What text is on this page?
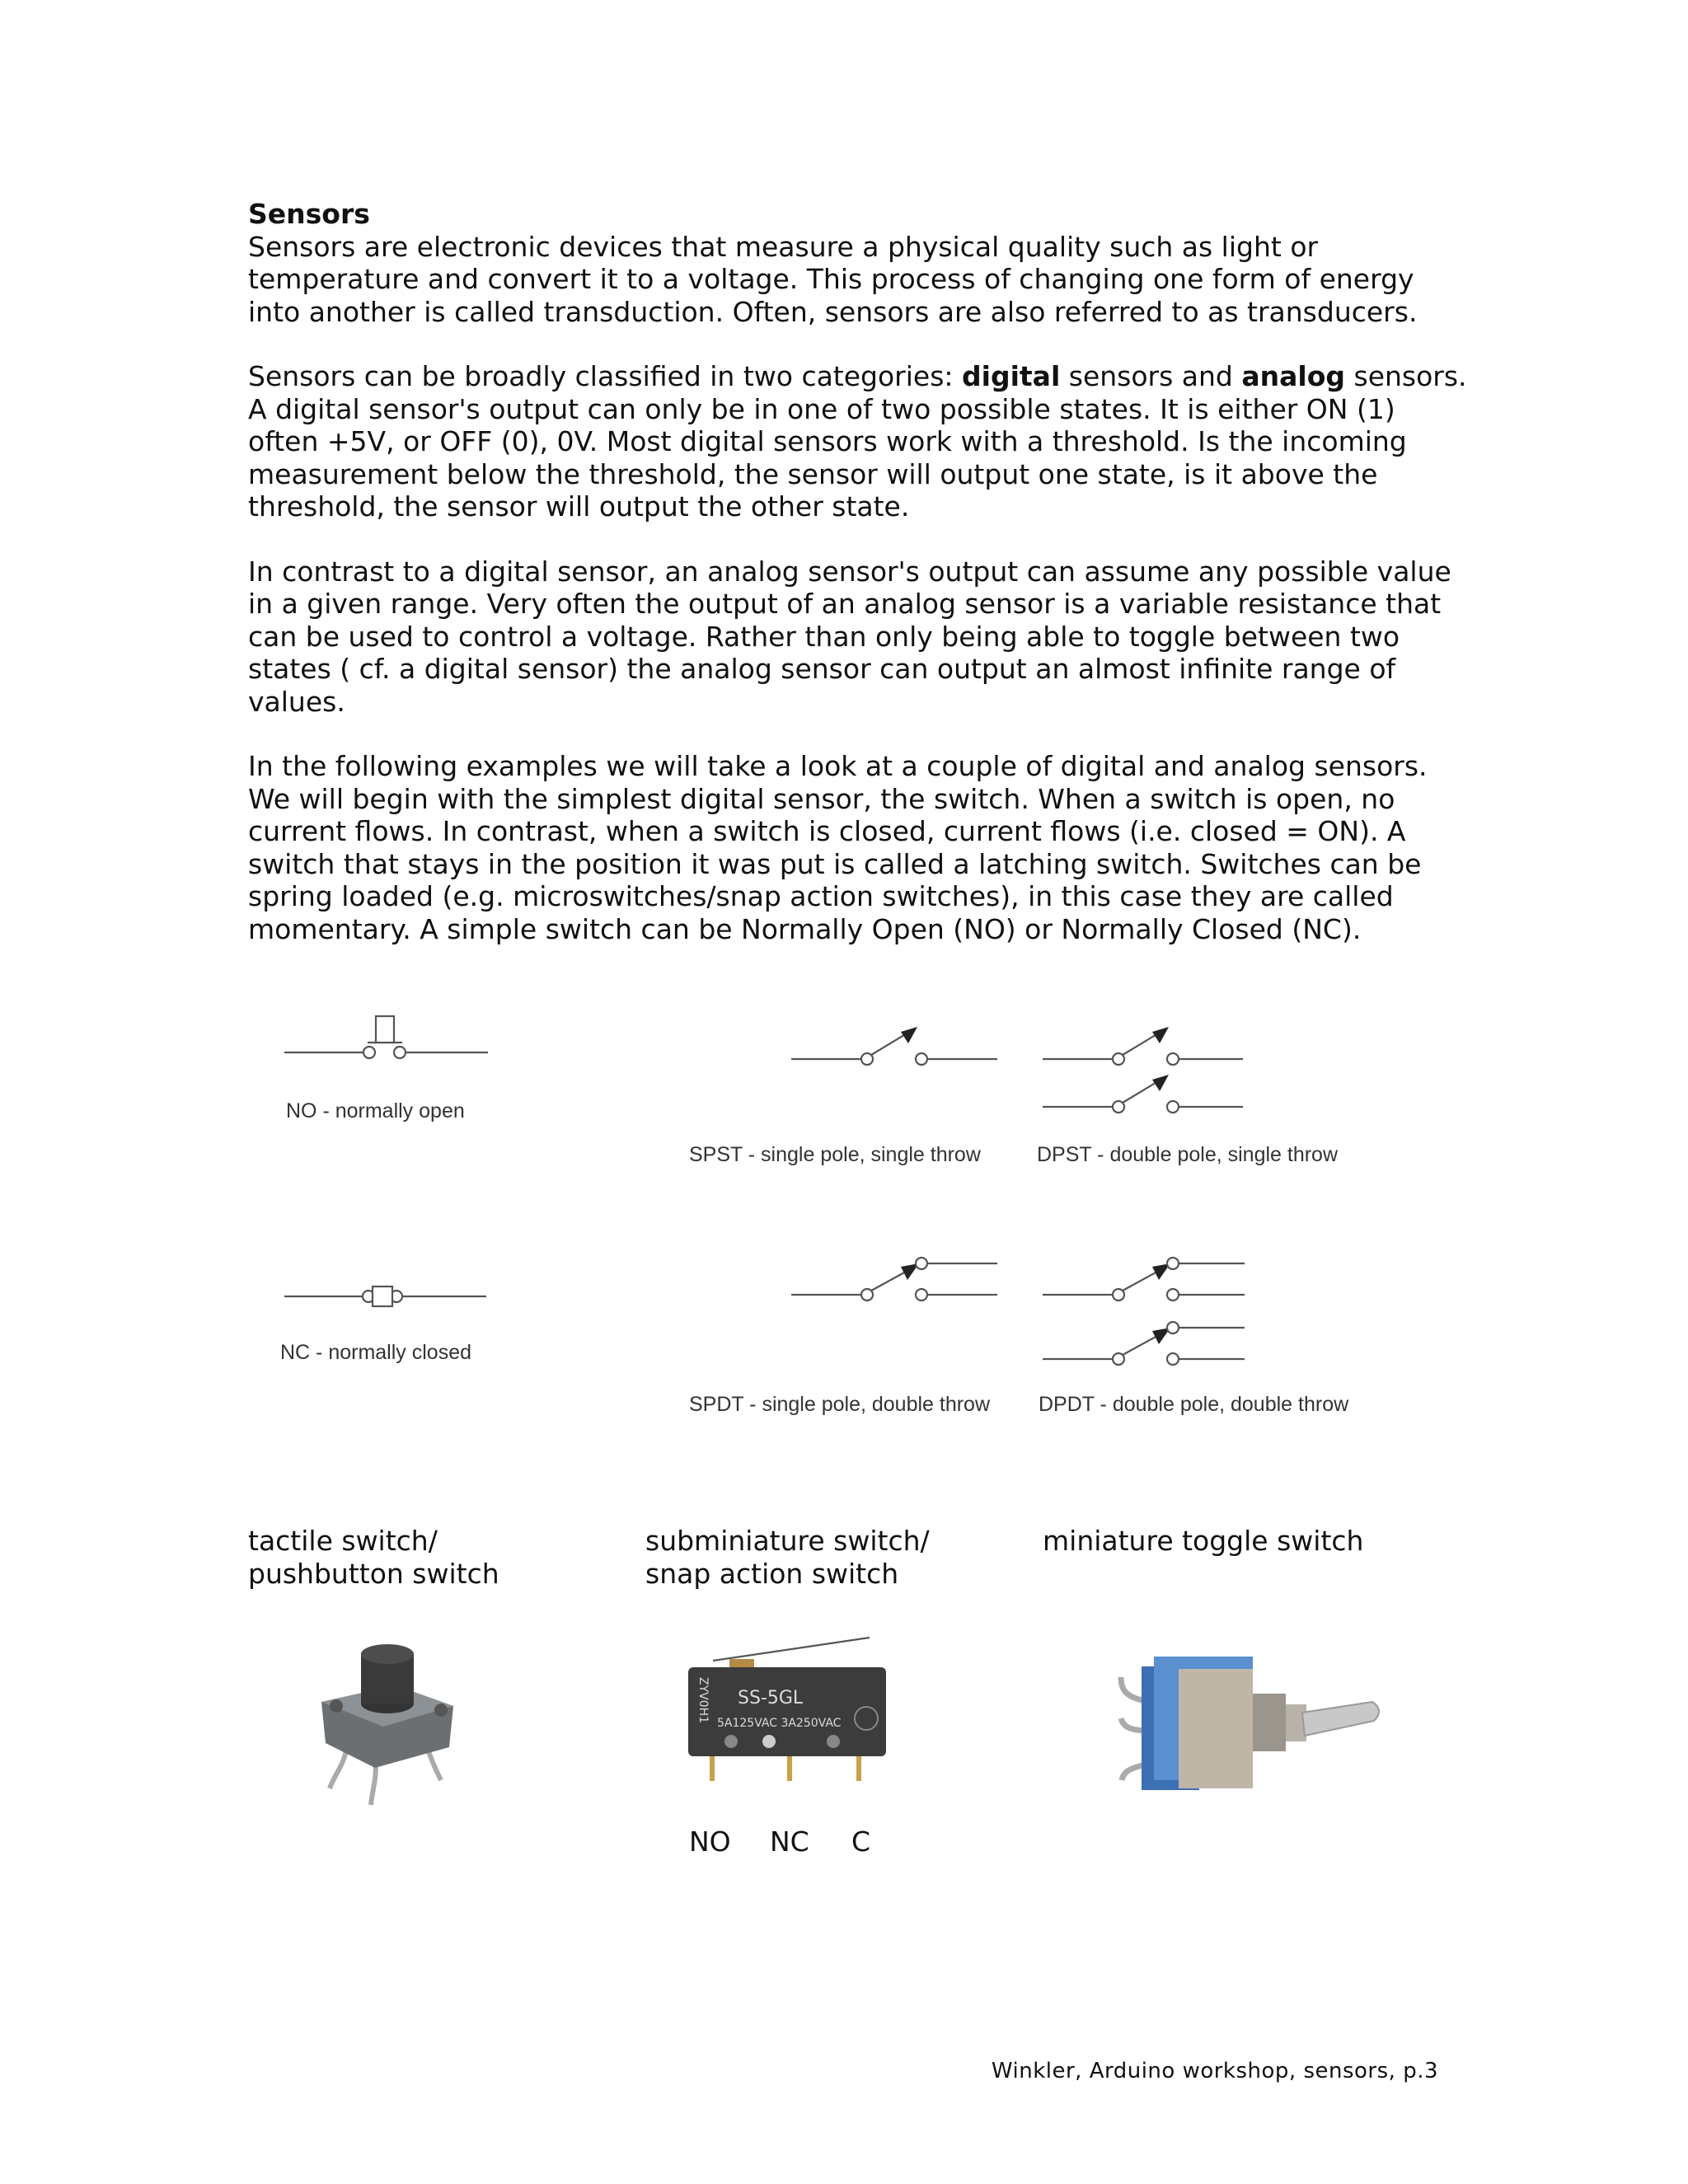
Sensors

Sensors are electronic devices that measure a physical quality such as light or temperature and convert it to a voltage. This process of changing one form of energy into another is called transduction. Often, sensors are also referred to as transducers.

Sensors can be broadly classified in two categories: digital sensors and analog sensors. A digital sensor's output can only be in one of two possible states. It is either ON (1) often +5V, or OFF (0), 0V. Most digital sensors work with a threshold. Is the incoming measurement below the threshold, the sensor will output one state, is it above the threshold, the sensor will output the other state.

In contrast to a digital sensor, an analog sensor's output can assume any possible value in a given range. Very often the output of an analog sensor is a variable resistance that can be used to control a voltage. Rather than only being able to toggle between two states ( cf. a digital sensor) the analog sensor can output an almost infinite range of values.

In the following examples we will take a look at a couple of digital and analog sensors. We will begin with the simplest digital sensor, the switch. When a switch is open, no current flows. In contrast, when a switch is closed, current flows (i.e. closed = ON). A switch that stays in the position it was put is called a latching switch. Switches can be spring loaded (e.g. microswitches/snap action switches), in this case they are called momentary. A simple switch can be Normally Open (NO) or Normally Closed (NC).

NO - normally open
SPST - single pole, single throw	DPST - double pole, single throw
NC - normally closed
SPDT - single pole, double throw DPDT - double pole, double throw
tactile switch/
pushbutton switch
subminiature switch/
snap action switch
miniature toggle switch
SS-5GL
5A125VAC 3A250VAC
ZYV0H1
NO NC C
Winkler, Arduino workshop, sensors, p.3
